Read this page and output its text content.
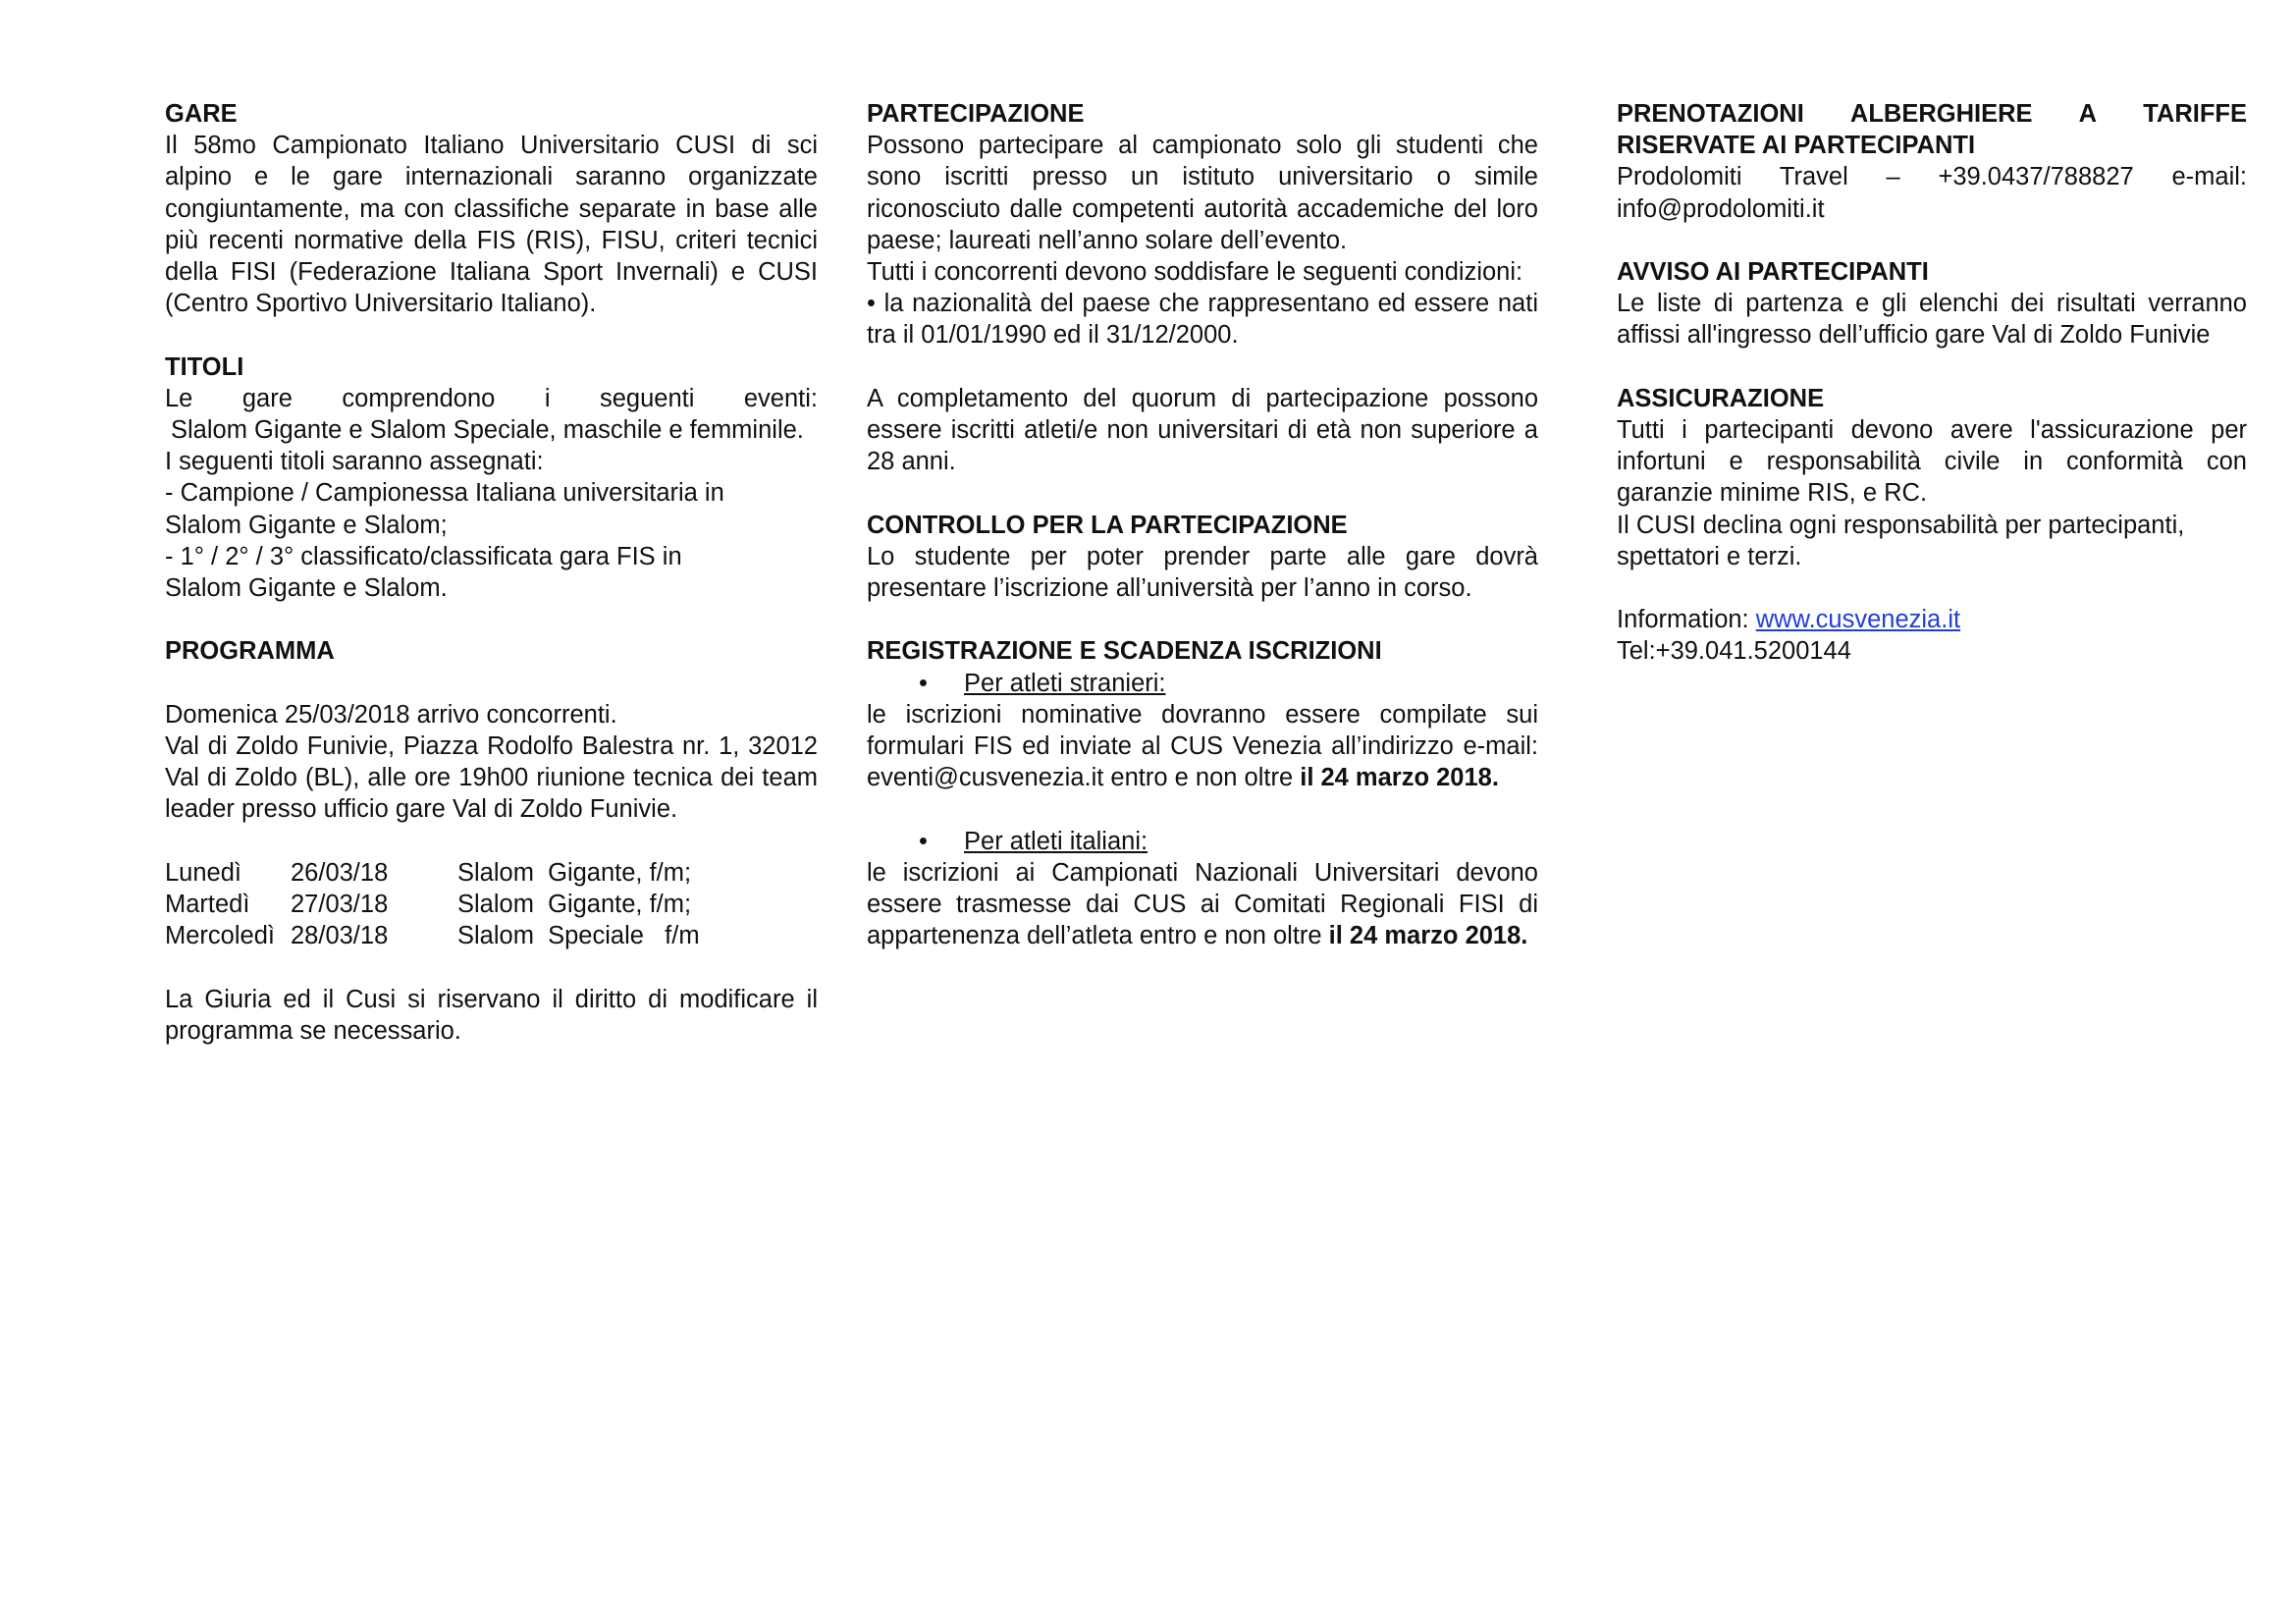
GARE
Il 58mo Campionato Italiano Universitario CUSI di sci alpino e le gare internazionali saranno organizzate congiuntamente, ma con classifiche separate in base alle più recenti normative della FIS (RIS), FISU, criteri tecnici della FISI (Federazione Italiana Sport Invernali) e CUSI (Centro Sportivo Universitario Italiano).
TITOLI
Le gare comprendono i seguenti eventi:
Slalom Gigante e Slalom Speciale, maschile e femminile.
I seguenti titoli saranno assegnati:
- Campione / Campionessa Italiana universitaria in Slalom Gigante e Slalom;
- 1° / 2° / 3° classificato/classificata gara FIS in Slalom Gigante e Slalom.
PROGRAMMA
Domenica 25/03/2018 arrivo concorrenti.
Val di Zoldo Funivie, Piazza Rodolfo Balestra nr. 1, 32012 Val di Zoldo (BL), alle ore 19h00 riunione tecnica dei team leader presso ufficio gare Val di Zoldo Funivie.
Lunedì	26/03/18	Slalom  Gigante, f/m;
Martedì	27/03/18	Slalom  Gigante, f/m;
Mercoledì	28/03/18	Slalom  Speciale   f/m
La Giuria ed il Cusi si riservano il diritto di modificare il programma se necessario.
PARTECIPAZIONE
Possono partecipare al campionato solo gli studenti che sono iscritti presso un istituto universitario o simile riconosciuto dalle competenti autorità accademiche del loro paese; laureati nell’anno solare dell’evento.
Tutti i concorrenti devono soddisfare le seguenti condizioni:
• la nazionalità del paese che rappresentano ed essere nati tra il 01/01/1990 ed il 31/12/2000.
A completamento del quorum di partecipazione possono essere iscritti atleti/e non universitari di età non superiore a 28 anni.
CONTROLLO PER LA PARTECIPAZIONE
Lo studente per poter prender parte alle gare dovrà presentare l’iscrizione all’università per l’anno in corso.
REGISTRAZIONE E SCADENZA ISCRIZIONI
• Per atleti stranieri:
le iscrizioni nominative dovranno essere compilate sui formulari FIS ed inviate al CUS Venezia all’indirizzo e-mail: eventi@cusvenezia.it entro e non oltre il 24 marzo 2018.
• Per atleti italiani:
le iscrizioni ai Campionati Nazionali Universitari devono essere trasmesse dai CUS ai Comitati Regionali FISI di appartenenza dell’atleta entro e non oltre il 24 marzo 2018.
PRENOTAZIONI ALBERGHIERE A TARIFFE
RISERVATE AI PARTECIPANTI
Prodolomiti Travel – +39.0437/788827 e-mail: info@prodolomiti.it
AVVISO AI PARTECIPANTI
Le liste di partenza e gli elenchi dei risultati verranno affissi all'ingresso dell’ufficio gare Val di Zoldo Funivie
ASSICURAZIONE
Tutti i partecipanti devono avere l'assicurazione per infortuni e responsabilità civile in conformità con garanzie minime RIS, e RC.
Il CUSI declina ogni responsabilità per partecipanti, spettatori e terzi.
Information: www.cusvenezia.it
Tel:+39.041.5200144
